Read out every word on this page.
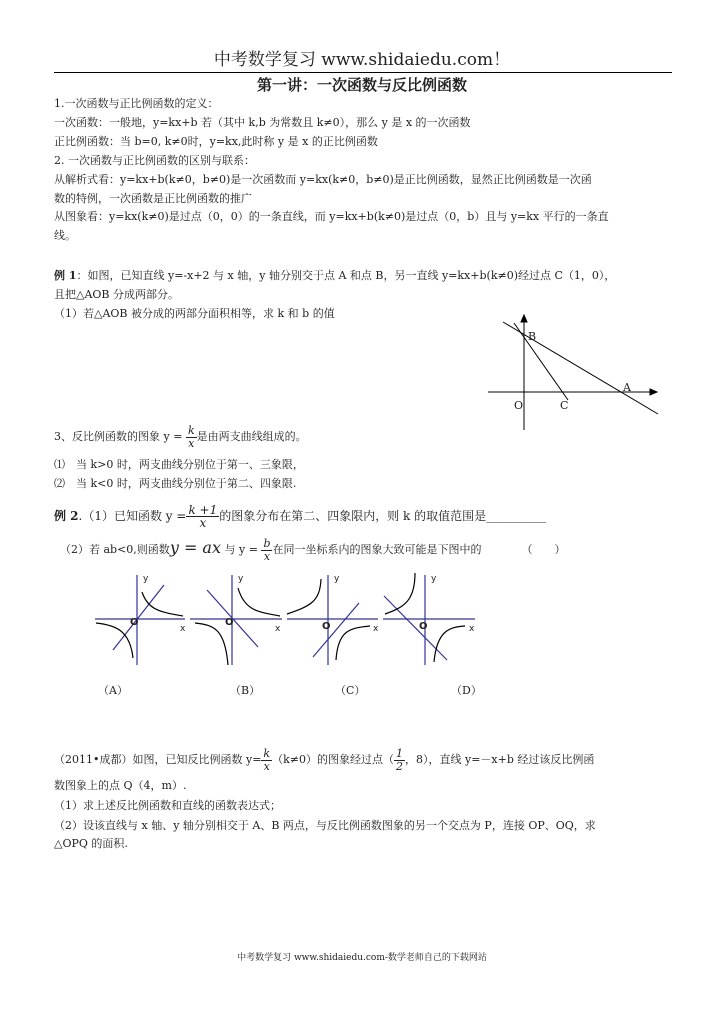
中考数学复习 www.shidaiedu.com！
第一讲：一次函数与反比例函数
1.一次函数与正比例函数的定义：
一次函数：一般地，y=kx+b 若（其中 k,b 为常数且 k≠0），那么 y 是 x 的一次函数
正比例函数：当 b=0, k≠0时，y=kx,此时称 y 是 x 的正比例函数
2. 一次函数与正比例函数的区别与联系：
从解析式看：y=kx+b(k≠0，b≠0)是一次函数而 y=kx(k≠0，b≠0)是正比例函数，显然正比例函数是一次函
数的特例，一次函数是正比例函数的推广
从图象看：y=kx(k≠0)是过点（0，0）的一条直线，而 y=kx+b(k≠0)是过点（0，b）且与 y=kx 平行的一条直
线。
例 1：如图，已知直线 y=-x+2 与 x 轴，y 轴分别交于点 A 和点 B，另一直线 y=kx+b(k≠0)经过点 C（1，0），
且把△AOB 分成两部分。
（1）若△AOB 被分成的两部分面积相等，求 k 和 b 的值
B
A
O	C
3、反比例函数的图象 $y = \frac{k}{x}$ 是由两支曲线组成的。
⑴　当 k>0 时，两支曲线分别位于第一、三象限，
⑵　当 k<0 时，两支曲线分别位于第二、四象限.
例 2.（1）已知函数 $y = \frac{k +1}{x}$ 的图象分布在第二、四象限内，则 k 的取值范围是__________
（2）若 ab<0,则函数y = ax 与 $y = \frac{b}{x}$ 在同一坐标系内的图象大致可能是下图中的	（　　）
y	y	y	y
x	x	x	x
O	O	O	O
（A）	（B）	（C）	（D）
（2011•成都）如图，已知反比例函数 $y= \frac{k}{x} (k\ne 0)$的图象经过点（ $\frac{1}{2}$ ，8），直线 y=－x+b 经过该反比例函
数图象上的点 Q（4，m）.
（1）求上述反比例函数和直线的函数表达式；
（2）设该直线与 x 轴、y 轴分别相交于 A、B 两点，与反比例函数图象的另一个交点为 P，连接 OP、OQ，求
△OPQ 的面积.
中考数学复习 www.shidaiedu.com-数学老师自己的下载网站
